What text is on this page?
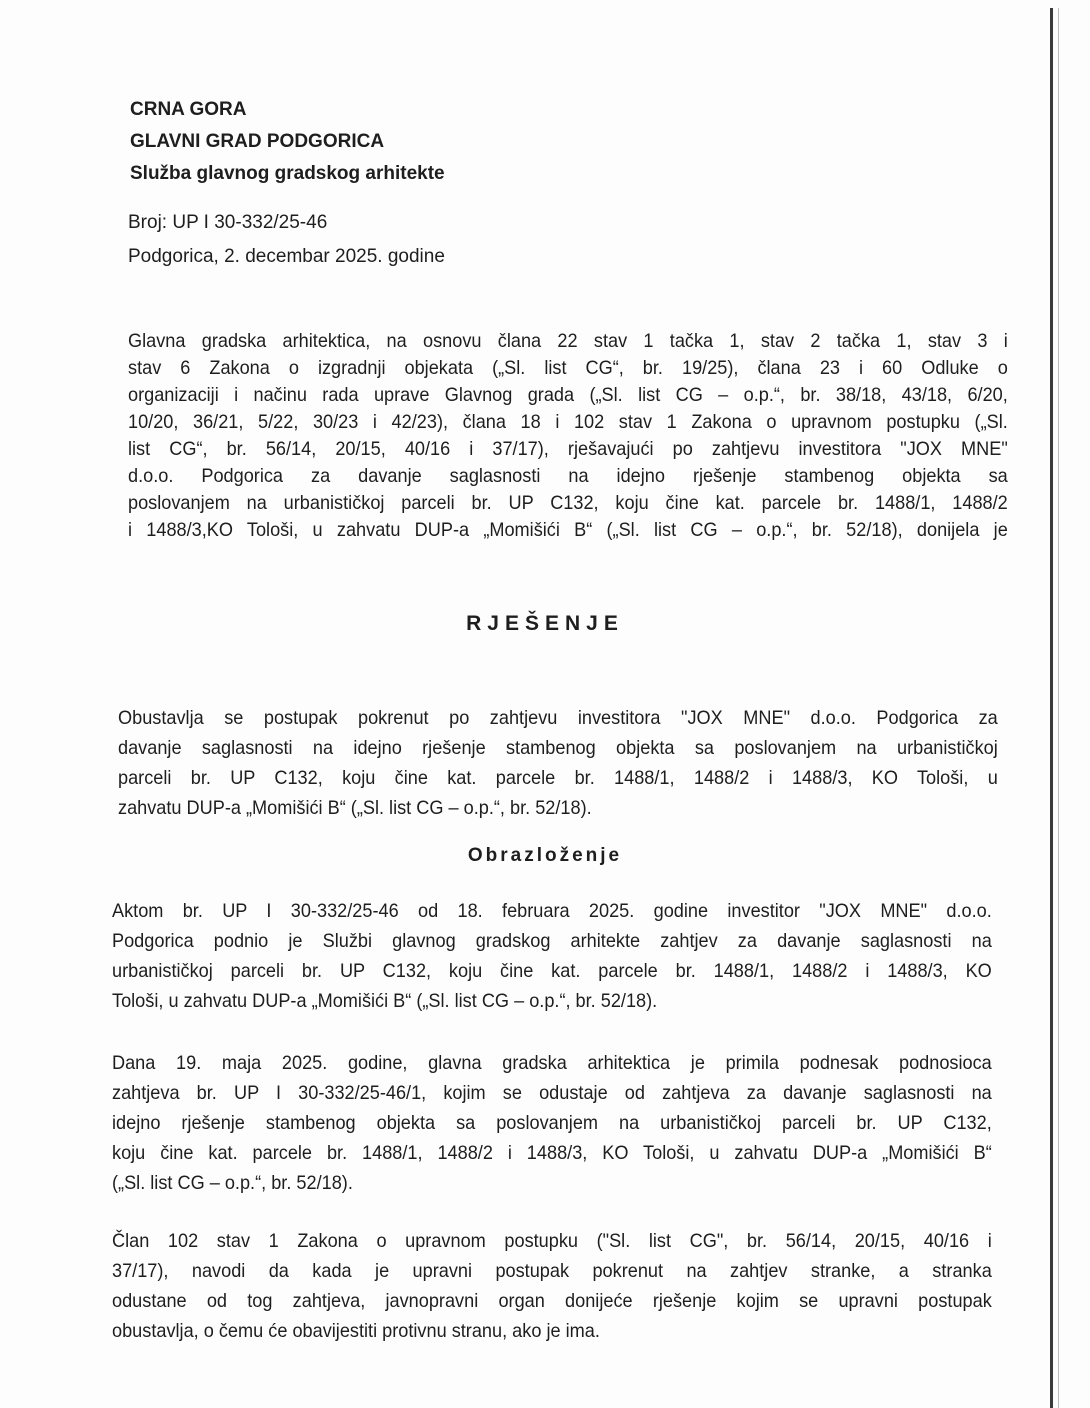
CRNA GORA
GLAVNI GRAD PODGORICA
Služba glavnog gradskog arhitekte
Broj: UP I 30-332/25-46
Podgorica, 2. decembar 2025. godine
Glavna gradska arhitektica, na osnovu člana 22 stav 1 tačka 1, stav 2 tačka 1, stav 3 i
stav 6 Zakona o izgradnji objekata („Sl. list CG“, br. 19/25), člana 23 i 60 Odluke o
organizaciji i načinu rada uprave Glavnog grada („Sl. list CG – o.p.“, br. 38/18, 43/18, 6/20,
10/20, 36/21, 5/22, 30/23 i 42/23), člana 18 i 102 stav 1 Zakona o upravnom postupku („Sl.
list CG“, br. 56/14, 20/15, 40/16 i 37/17), rješavajući po zahtjevu investitora "JOX MNE"
d.o.o. Podgorica za davanje saglasnosti na idejno rješenje stambenog objekta sa
poslovanjem na urbanističkoj parceli br. UP C132, koju čine kat. parcele br. 1488/1, 1488/2
i 1488/3,KO Tološi, u zahvatu DUP-a „Momišići B“ („Sl. list CG – o.p.“, br. 52/18), donijela je
RJEŠENJE
Obustavlja se postupak pokrenut po zahtjevu investitora "JOX MNE" d.o.o. Podgorica za
davanje saglasnosti na idejno rješenje stambenog objekta sa poslovanjem na urbanističkoj
parceli br. UP C132, koju čine kat. parcele br. 1488/1, 1488/2 i 1488/3, KO Tološi, u
zahvatu DUP-a „Momišići B“ („Sl. list CG – o.p.“, br. 52/18).
Obrazloženje
Aktom br. UP I 30-332/25-46 od 18. februara 2025. godine investitor "JOX MNE" d.o.o.
Podgorica podnio je Službi glavnog gradskog arhitekte zahtjev za davanje saglasnosti na
urbanističkoj parceli br. UP C132, koju čine kat. parcele br. 1488/1, 1488/2 i 1488/3, KO
Tološi, u zahvatu DUP-a „Momišići B“ („Sl. list CG – o.p.“, br. 52/18).
Dana 19. maja 2025. godine, glavna gradska arhitektica je primila podnesak podnosioca
zahtjeva br. UP I 30-332/25-46/1, kojim se odustaje od zahtjeva za davanje saglasnosti na
idejno rješenje stambenog objekta sa poslovanjem na urbanističkoj parceli br. UP C132,
koju čine kat. parcele br. 1488/1, 1488/2 i 1488/3, KO Tološi, u zahvatu DUP-a „Momišići B“
(„Sl. list CG – o.p.“, br. 52/18).
Član 102 stav 1 Zakona o upravnom postupku ("Sl. list CG", br. 56/14, 20/15, 40/16 i
37/17), navodi da kada je upravni postupak pokrenut na zahtjev stranke, a stranka
odustane od tog zahtjeva, javnopravni organ donijeće rješenje kojim se upravni postupak
obustavlja, o čemu će obavijestiti protivnu stranu, ako je ima.
